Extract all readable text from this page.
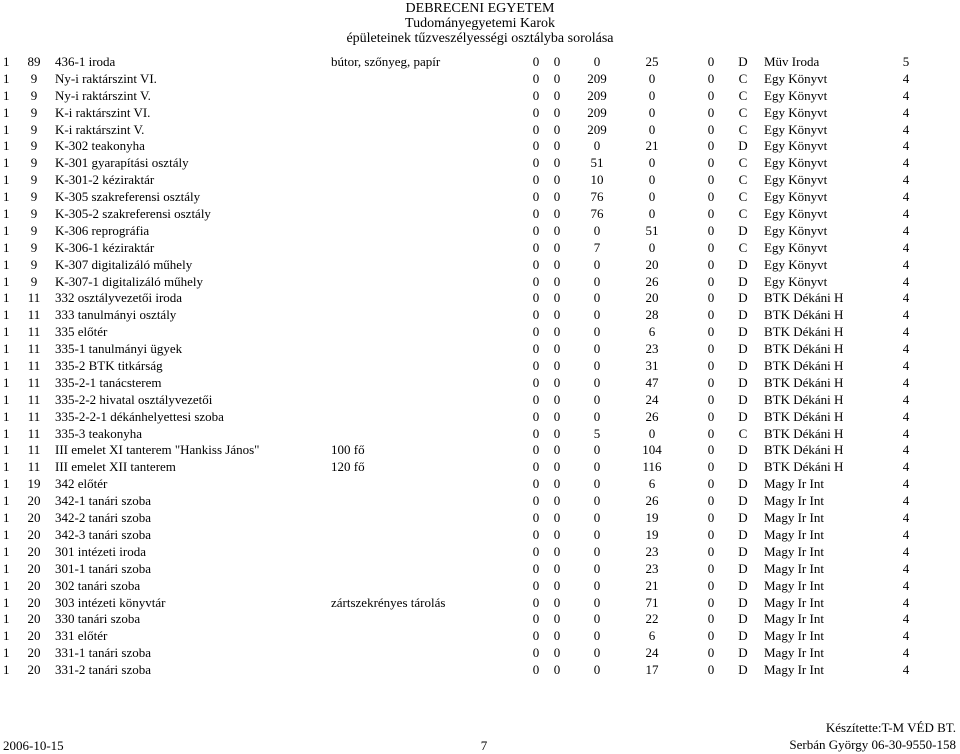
DEBRECENI EGYETEM
Tudományegyetemi Karok
épületeinek tűzveszélyességi osztályba sorolása
1 89 436-1 iroda	bútor, szőnyeg, papír	0 0	0	25	0 D Müv Iroda	5
1	9	Ny-i raktárszint VI.	0 0	209	0	0 C Egy Könyvt	4
1	9	Ny-i raktárszint V.	0 0	209	0	0 C Egy Könyvt	4
1	9	K-i raktárszint VI.	0 0	209	0	0 C Egy Könyvt	4
1	9	K-i raktárszint V.	0 0	209	0	0 C Egy Könyvt	4
1	9	K-302 teakonyha	0 0	0	21	0 D Egy Könyvt	4
1	9	K-301 gyarapítási osztály	0 0	51	0	0 C Egy Könyvt	4
1	9	K-301-2 kéziraktár	0 0	10	0	0 C Egy Könyvt	4
1	9	K-305 szakreferensi osztály	0 0	76	0	0 C Egy Könyvt	4
1	9	K-305-2 szakreferensi osztály	0 0	76	0	0 C Egy Könyvt	4
1	9	K-306 reprográfia	0 0	0	51	0 D Egy Könyvt	4
1	9	K-306-1 kéziraktár	0 0	7	0	0 C Egy Könyvt	4
1	9	K-307 digitalizáló műhely	0 0	0	20	0 D Egy Könyvt	4
1	9	K-307-1 digitalizáló műhely	0 0	0	26	0 D Egy Könyvt	4
1 11 332 osztályvezetői iroda	0 0	0	20	0 D BTK Dékáni H	4
1 11 333 tanulmányi osztály	0 0	0	28	0 D BTK Dékáni H	4
1 11 335 előtér	0 0	0	6	0 D BTK Dékáni H	4
1 11 335-1 tanulmányi ügyek	0 0	0	23	0 D BTK Dékáni H	4
1 11 335-2 BTK titkárság	0 0	0	31	0 D BTK Dékáni H	4
1 11 335-2-1 tanácsterem	0 0	0	47	0 D BTK Dékáni H	4
1 11 335-2-2 hivatal osztályvezetői	0 0	0	24	0 D BTK Dékáni H	4
1 11 335-2-2-1 dékánhelyettesi szoba	0 0	0	26	0 D BTK Dékáni H	4
1 11 335-3 teakonyha	0 0	5	0	0 C BTK Dékáni H	4
1 11 III emelet XI tanterem "Hankiss János"	100 fő	0 0	0	104	0 D BTK Dékáni H	4
1 11 III emelet XII tanterem	120 fő	0 0	0	116	0 D BTK Dékáni H	4
1 19 342 előtér	0 0	0	6	0 D Magy Ir Int	4
1 20 342-1 tanári szoba	0 0	0	26	0 D Magy Ir Int	4
1 20 342-2 tanári szoba	0 0	0	19	0 D Magy Ir Int	4
1 20 342-3 tanári szoba	0 0	0	19	0 D Magy Ir Int	4
1 20 301 intézeti iroda	0 0	0	23	0 D Magy Ir Int	4
1 20 301-1 tanári szoba	0 0	0	23	0 D Magy Ir Int	4
1 20 302 tanári szoba	0 0	0	21	0 D Magy Ir Int	4
1 20 303 intézeti könyvtár	zártszekrényes tárolás	0 0	0	71	0 D Magy Ir Int	4
1 20 330 tanári szoba	0 0	0	22	0 D Magy Ir Int	4
1 20 331 előtér	0 0	0	6	0 D Magy Ir Int	4
1 20 331-1 tanári szoba	0 0	0	24	0 D Magy Ir Int	4
1 20 331-2 tanári szoba	0 0	0	17	0 D Magy Ir Int	4
2006-10-15	7
Készítette:T-M VÉD BT.
Serbán György 06-30-9550-158
